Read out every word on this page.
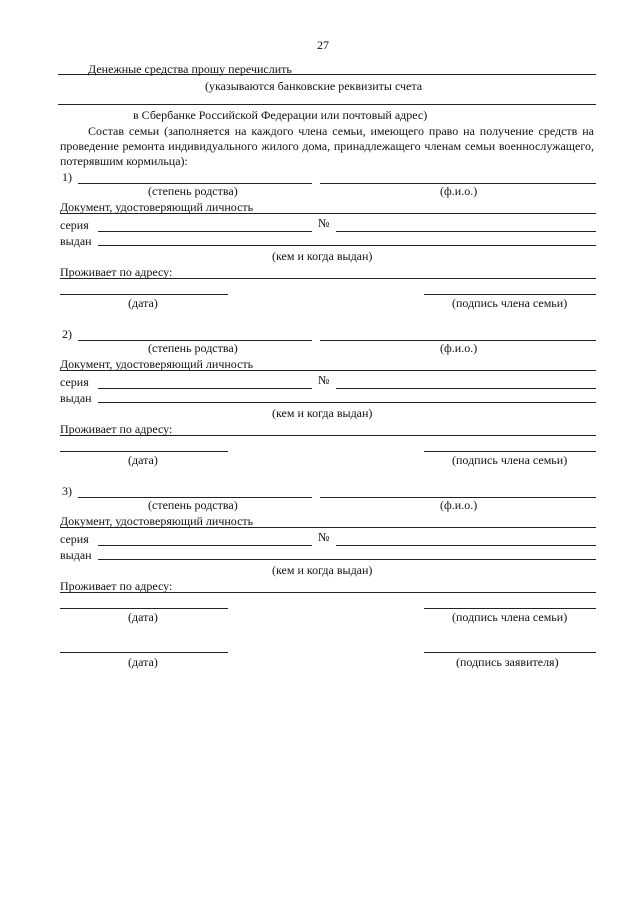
27
Денежные средства прошу перечислить
(указываются банковские реквизиты счета
в Сбербанке Российской Федерации или почтовый адрес)
Состав семьи (заполняется на каждого члена семьи, имеющего право на получение средств на проведение ремонта индивидуального жилого дома, принадлежащего членам семьи военнослужащего, потерявшим кормильца):
1)
(степень родства)	(ф.и.о.)
Документ, удостоверяющий личность
серия	№
выдан
(кем и когда выдан)
Проживает по адресу:
(дата)	(подпись члена семьи)
2)
(степень родства)	(ф.и.о.)
Документ, удостоверяющий личность
серия	№
выдан
(кем и когда выдан)
Проживает по адресу:
(дата)	(подпись члена семьи)
3)
(степень родства)	(ф.и.о.)
Документ, удостоверяющий личность
серия	№
выдан
(кем и когда выдан)
Проживает по адресу:
(дата)	(подпись члена семьи)
(дата)	(подпись заявителя)
